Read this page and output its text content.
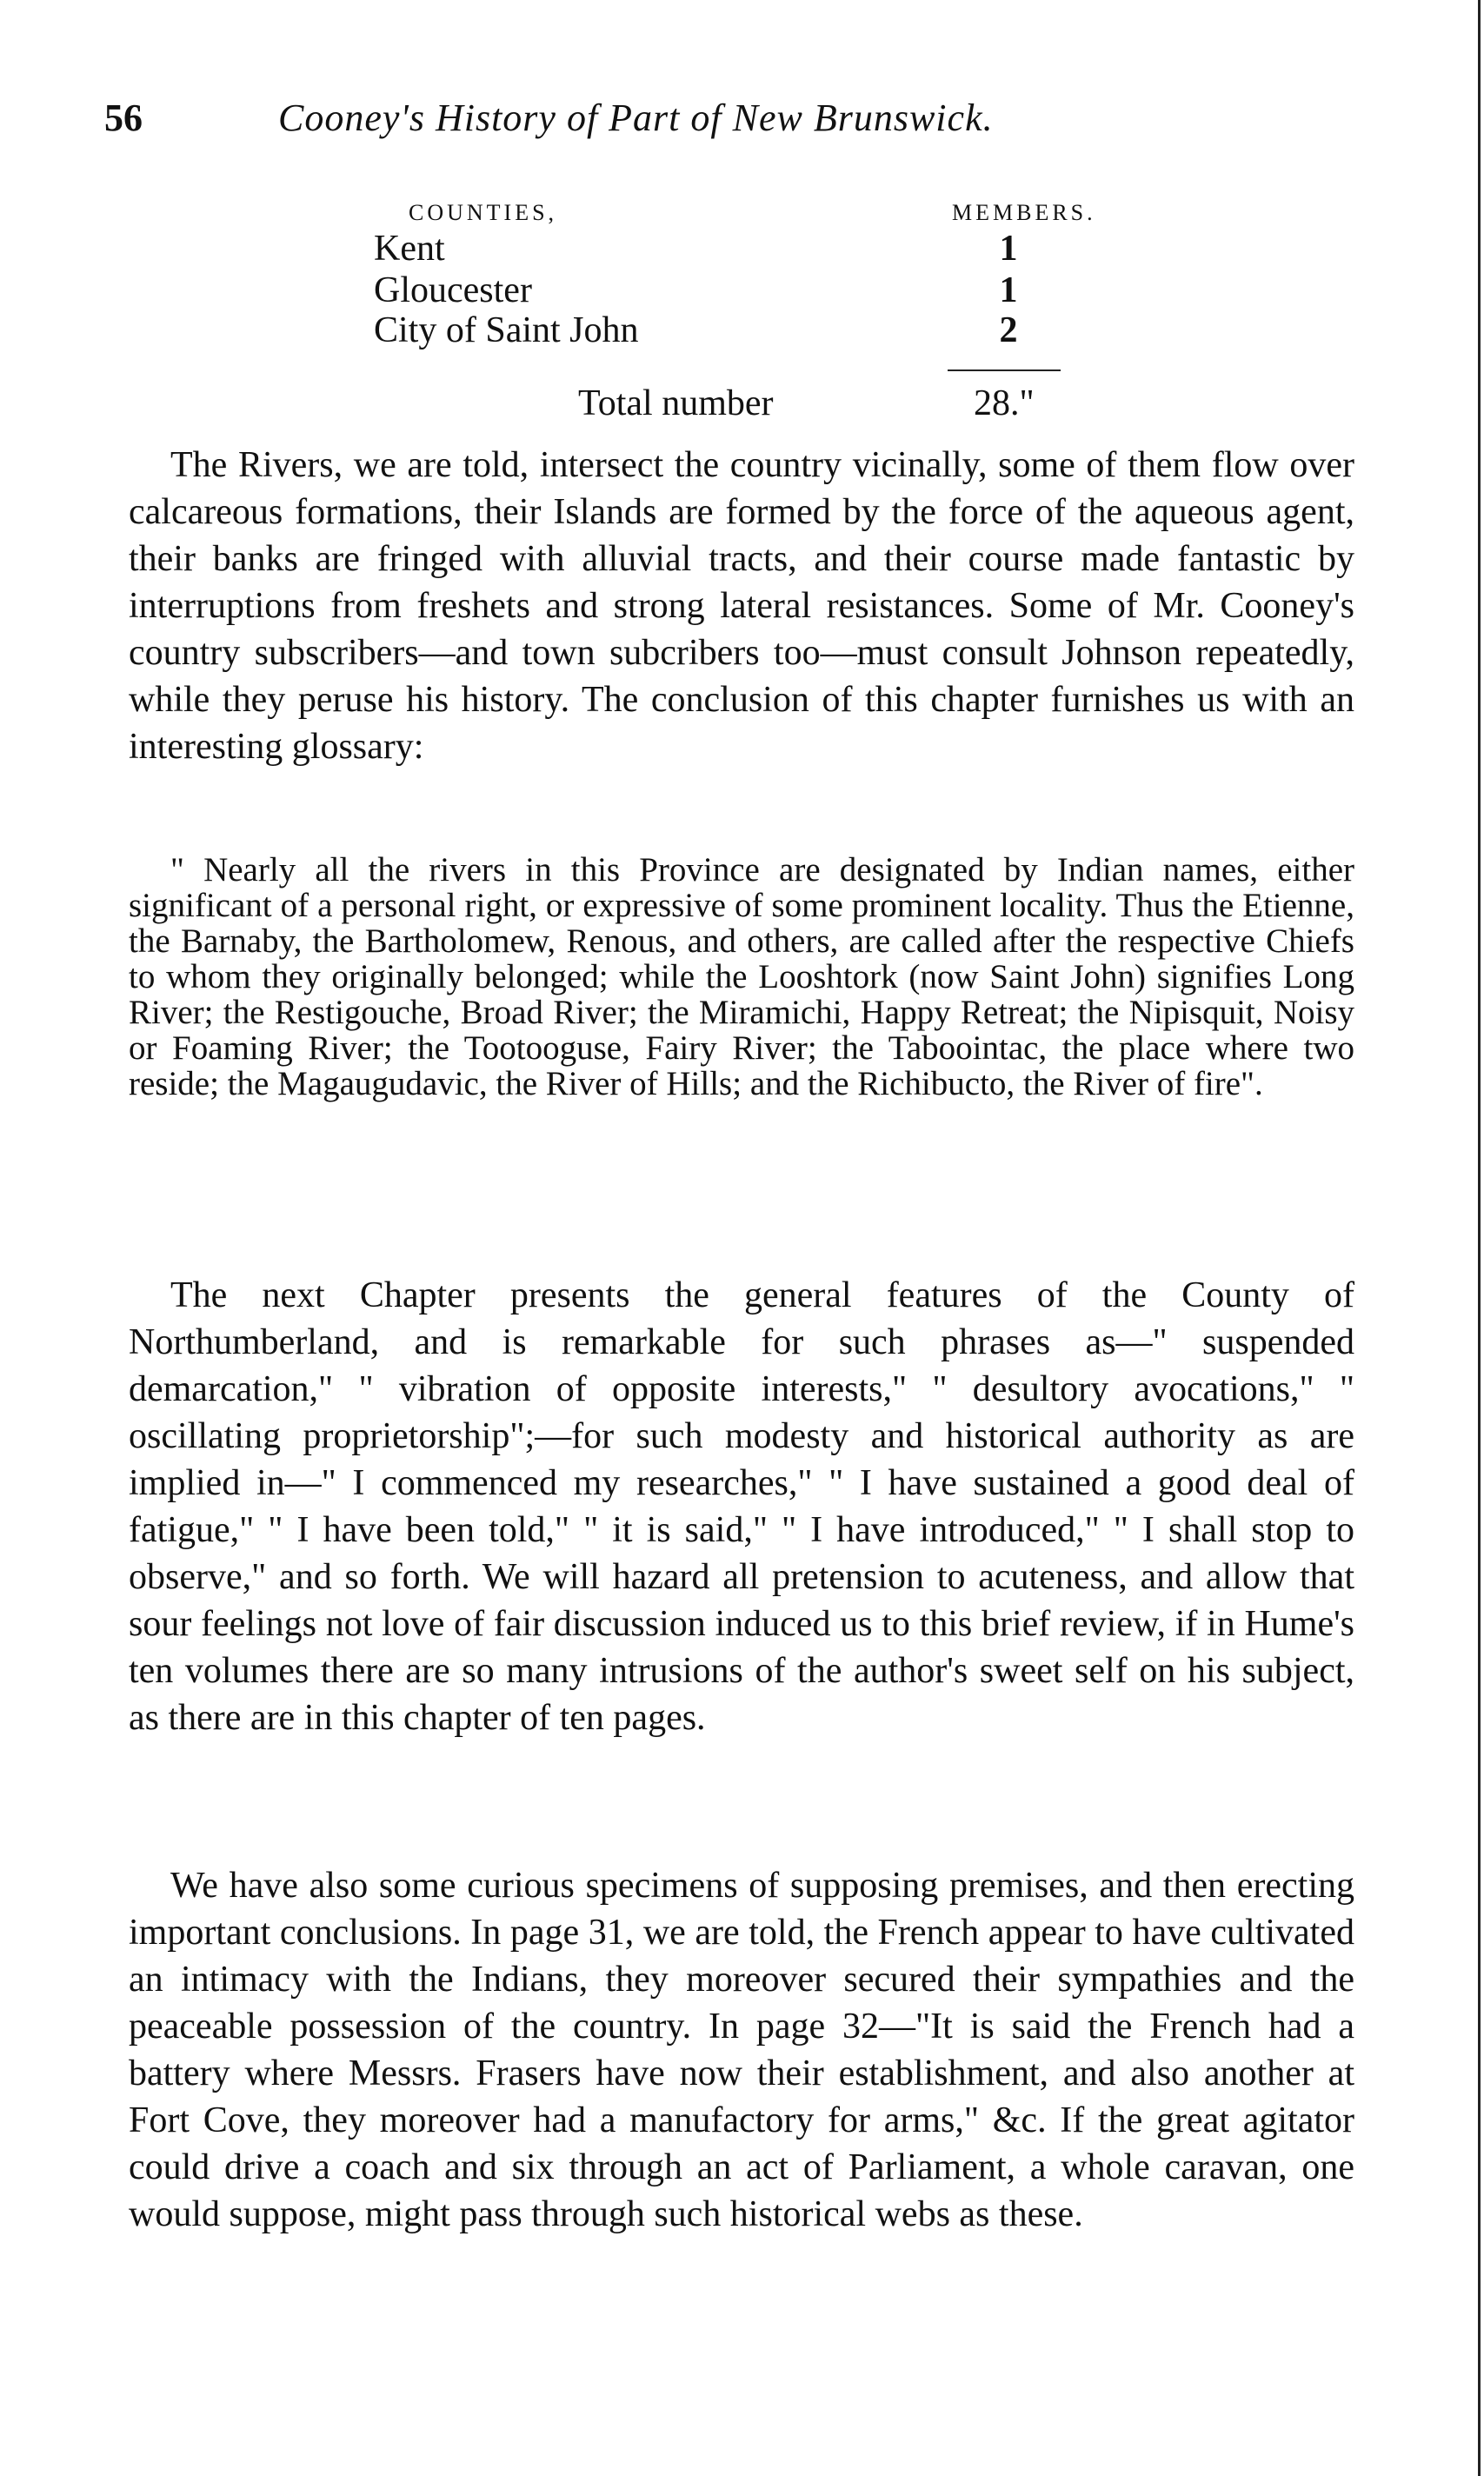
56	Cooney's History of Part of New Brunswick.
COUNTIES,	MEMBERS.
Kent	1
Gloucester	1
City of Saint John	2
Total number	28."

The Rivers, we are told, intersect the country vicinally, some of them flow over calcareous formations, their Islands are formed by the force of the aqueous agent, their banks are fringed with alluvial tracts, and their course made fantastic by interruptions from freshets and strong lateral resistances. Some of Mr. Cooney's country subscribers—and town subcribers too—must consult Johnson repeatedly, while they peruse his history. The conclusion of this chapter furnishes us with an interesting glossary:

" Nearly all the rivers in this Province are designated by Indian names, either significant of a personal right, or expressive of some prominent locality. Thus the Etienne, the Barnaby, the Bartholomew, Renous, and others, are called after the respective Chiefs to whom they originally belonged; while the Looshtork (now Saint John) signifies Long River; the Restigouche, Broad River; the Miramichi, Happy Retreat; the Nipisquit, Noisy or Foaming River; the Tootooguse, Fairy River; the Taboointac, the place where two reside; the Magaugudavic, the River of Hills; and the Richibucto, the River of fire".

The next Chapter presents the general features of the County of Northumberland, and is remarkable for such phrases as—" suspended demarcation," " vibration of opposite interests," " desultory avocations," " oscillating proprietorship";—for such modesty and historical authority as are implied in—" I commenced my researches," " I have sustained a good deal of fatigue," " I have been told," " it is said," " I have introduced," " I shall stop to observe," and so forth. We will hazard all pretension to acuteness, and allow that sour feelings not love of fair discussion induced us to this brief review, if in Hume's ten volumes there are so many intrusions of the author's sweet self on his subject, as there are in this chapter of ten pages.

We have also some curious specimens of supposing premises, and then erecting important conclusions. In page 31, we are told, the French appear to have cultivated an intimacy with the Indians, they moreover secured their sympathies and the peaceable possession of the country. In page 32—"It is said the French had a battery where Messrs. Frasers have now their establishment, and also another at Fort Cove, they moreover had a manufactory for arms," &c. If the great agitator could drive a coach and six through an act of Parliament, a whole caravan, one would suppose, might pass through such historical webs as these.
